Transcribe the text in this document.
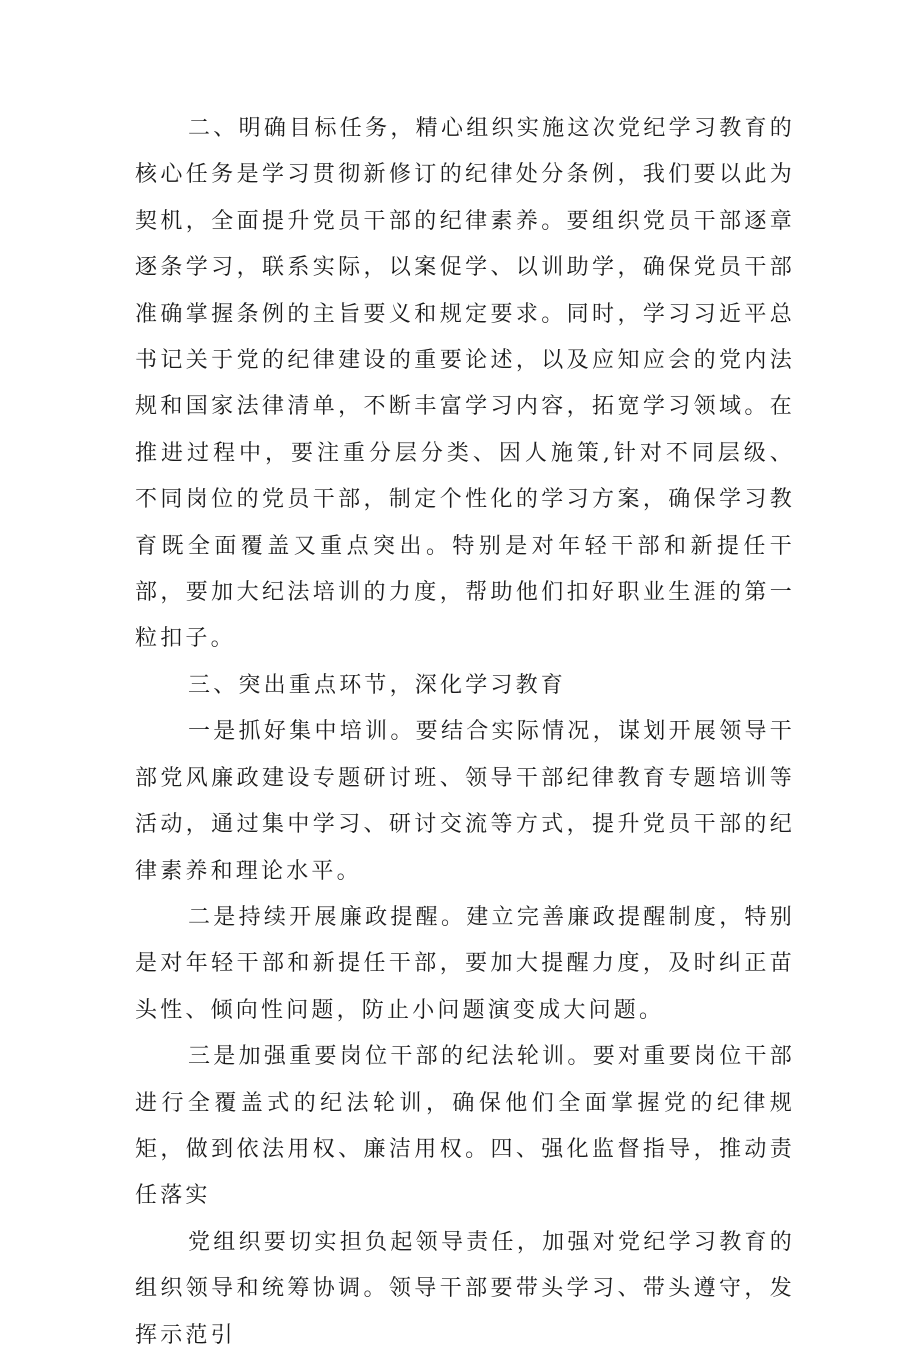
二、明确目标任务，精心组织实施这次党纪学习教育的核心任务是学习贯彻新修订的纪律处分条例，我们要以此为契机，全面提升党员干部的纪律素养。要组织党员干部逐章逐条学习，联系实际，以案促学、以训助学，确保党员干部准确掌握条例的主旨要义和规定要求。同时，学习习近平总书记关于党的纪律建设的重要论述，以及应知应会的党内法规和国家法律清单，不断丰富学习内容，拓宽学习领域。在推进过程中，要注重分层分类、因人施策,针对不同层级、不同岗位的党员干部，制定个性化的学习方案，确保学习教育既全面覆盖又重点突出。特别是对年轻干部和新提任干部，要加大纪法培训的力度，帮助他们扣好职业生涯的第一粒扣子。

三、突出重点环节，深化学习教育

一是抓好集中培训。要结合实际情况，谋划开展领导干部党风廉政建设专题研讨班、领导干部纪律教育专题培训等活动，通过集中学习、研讨交流等方式，提升党员干部的纪律素养和理论水平。

二是持续开展廉政提醒。建立完善廉政提醒制度，特别是对年轻干部和新提任干部，要加大提醒力度，及时纠正苗头性、倾向性问题，防止小问题演变成大问题。

三是加强重要岗位干部的纪法轮训。要对重要岗位干部进行全覆盖式的纪法轮训，确保他们全面掌握党的纪律规矩，做到依法用权、廉洁用权。四、强化监督指导，推动责任落实

党组织要切实担负起领导责任，加强对党纪学习教育的组织领导和统筹协调。领导干部要带头学习、带头遵守，发挥示范引
